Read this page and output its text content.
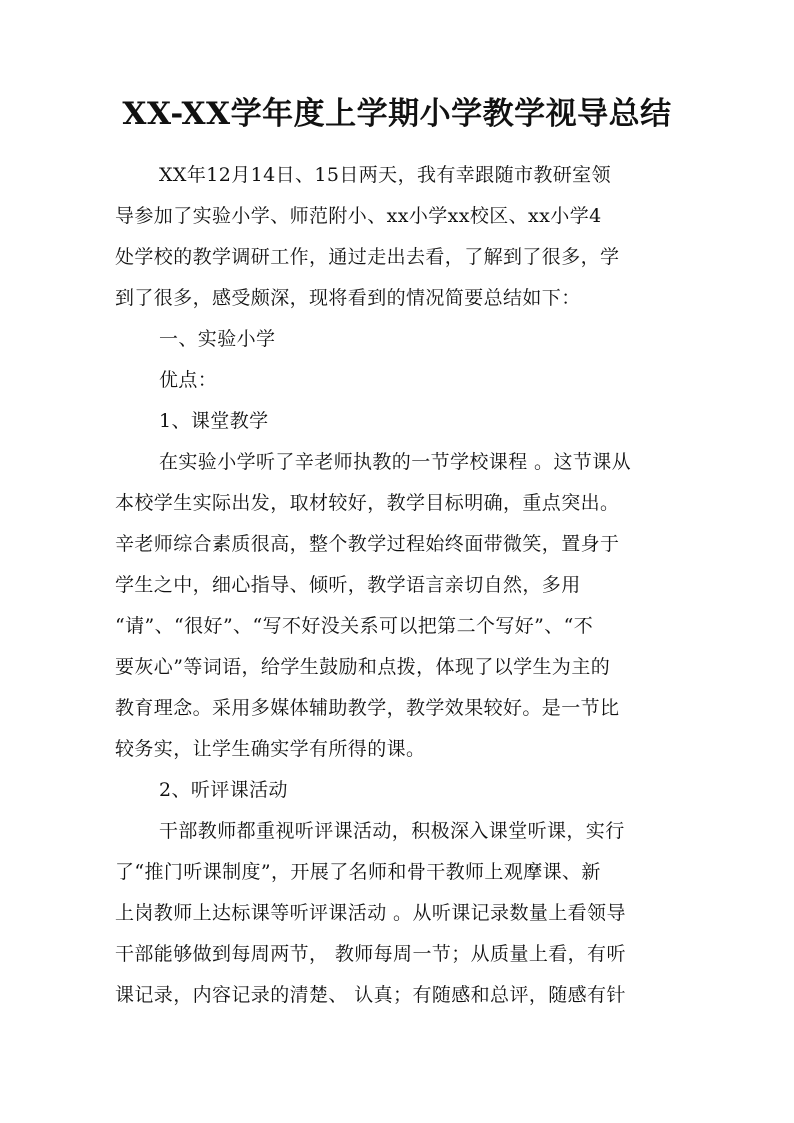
XX-XX学年度上学期小学教学视导总结
XX年12月14日、15日两天，我有幸跟随市教研室领
导参加了实验小学、师范附小、xx小学xx校区、xx小学4
处学校的教学调研工作，通过走出去看，了解到了很多，学
到了很多，感受颇深，现将看到的情况简要总结如下：
一、实验小学
优点：
1、课堂教学
在实验小学听了辛老师执教的一节学校课程 。这节课从
本校学生实际出发，取材较好，教学目标明确，重点突出。
辛老师综合素质很高，整个教学过程始终面带微笑，置身于
学生之中，细心指导、倾听，教学语言亲切自然，多用
“请”、“很好”、“写不好没关系可以把第二个写好”、“不
要灰心”等词语，给学生鼓励和点拨，体现了以学生为主的
教育理念。采用多媒体辅助教学，教学效果较好。是一节比
较务实，让学生确实学有所得的课。
2、听评课活动
干部教师都重视听评课活动，积极深入课堂听课，实行
了“推门听课制度”，开展了名师和骨干教师上观摩课、新
上岗教师上达标课等听评课活动 。从听课记录数量上看领导
干部能够做到每周两节， 教师每周一节；从质量上看，有听
课记录，内容记录的清楚、 认真；有随感和总评，随感有针
